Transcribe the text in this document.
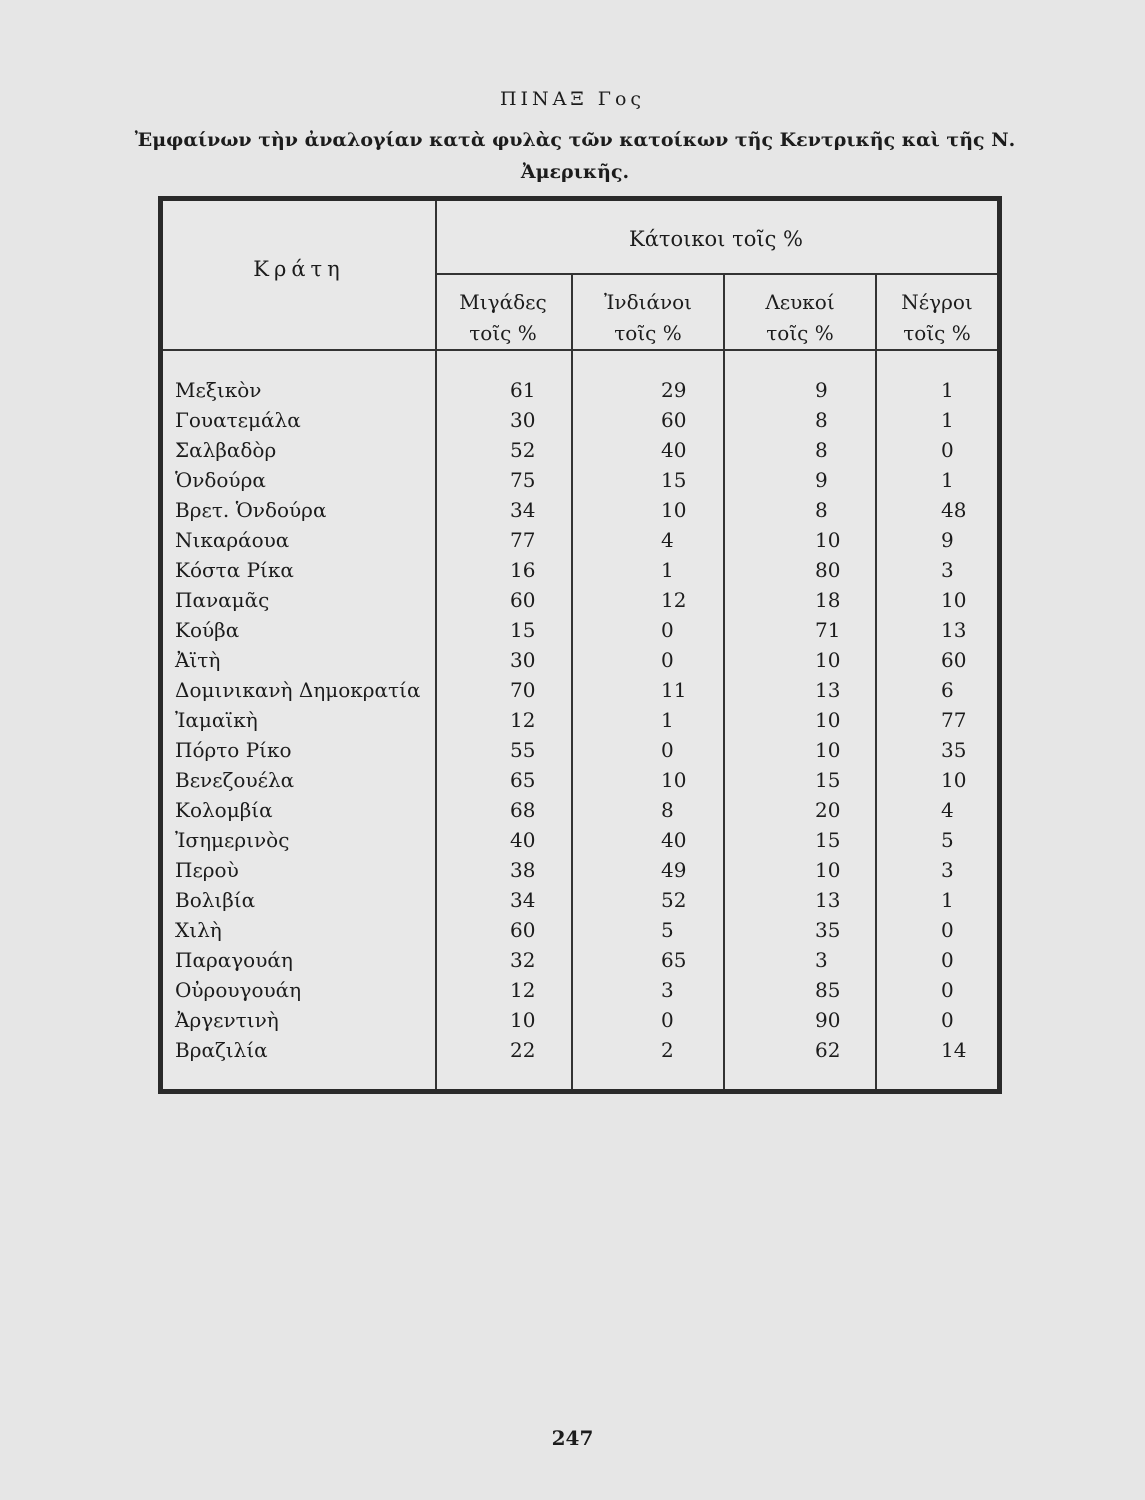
ΠΙΝΑΞ Γος
Ἐμφαίνων τὴν ἀναλογίαν κατὰ φυλὰς τῶν κατοίκων τῆς Κεντρικῆς καὶ τῆς Ν. Ἀμερικῆς.
Κράτη
Κάτοικοι τοῖς %
Μιγάδες
τοῖς %
Ἰνδιάνοι
τοῖς %
Λευκοί
τοῖς %
Νέγροι
τοῖς %
Μεξικὸν	61	29	9	1
Γουατεμάλα	30	60	8	1
Σαλβαδὸρ	52	40	8	0
Ὁνδούρα	75	15	9	1
Βρετ. Ὁνδούρα	34	10	8	48
Νικαράουα	77	4	10	9
Κόστα Ρίκα	16	1	80	3
Παναμᾶς	60	12	18	10
Κούβα	15	0	71	13
Ἀϊτὴ	30	0	10	60
Δομινικανὴ Δημοκρατία	70	11	13	6
Ἰαμαϊκὴ	12	1	10	77
Πόρτο Ρίκο	55	0	10	35
Βενεζουέλα	65	10	15	10
Κολομβία	68	8	20	4
Ἰσημερινὸς	40	40	15	5
Περοὺ	38	49	10	3
Βολιβία	34	52	13	1
Χιλὴ	60	5	35	0
Παραγουάη	32	65	3	0
Οὐρουγουάη	12	3	85	0
Ἀργεντινὴ	10	0	90	0
Βραζιλία	22	2	62	14
247
